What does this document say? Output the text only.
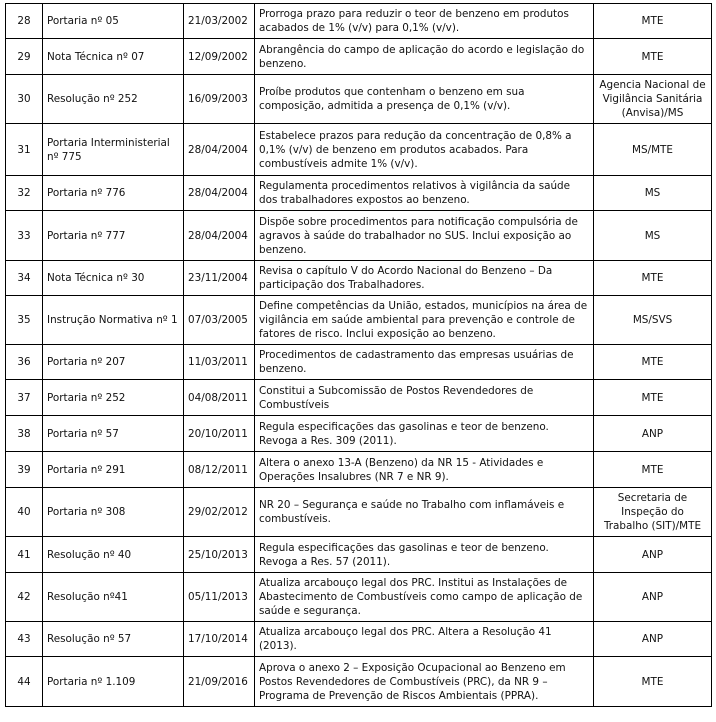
28	Portaria nº 05	21/03/2002	Prorroga prazo para reduzir o teor de benzeno em produtos acabados de 1% (v/v) para 0,1% (v/v).	MTE
29	Nota Técnica nº 07	12/09/2002	Abrangência do campo de aplicação do acordo e legislação do benzeno.	MTE
30	Resolução nº 252	16/09/2003	Proíbe produtos que contenham o benzeno em sua composição, admitida a presença de 0,1% (v/v).	Agencia Nacional de Vigilância Sanitária (Anvisa)/MS
31	Portaria Interministerial nº 775	28/04/2004	Estabelece prazos para redução da concentração de 0,8% a 0,1% (v/v) de benzeno em produtos acabados. Para combustíveis admite 1% (v/v).	MS/MTE
32	Portaria nº 776	28/04/2004	Regulamenta procedimentos relativos à vigilância da saúde dos trabalhadores expostos ao benzeno.	MS
33	Portaria nº 777	28/04/2004	Dispõe sobre procedimentos para notificação compulsória de agravos à saúde do trabalhador no SUS. Inclui exposição ao benzeno.	MS
34	Nota Técnica nº 30	23/11/2004	Revisa o capítulo V do Acordo Nacional do Benzeno – Da participação dos Trabalhadores.	MTE
35	Instrução Normativa nº 1	07/03/2005	Define competências da União, estados, municípios na área de vigilância em saúde ambiental para prevenção e controle de fatores de risco. Inclui exposição ao benzeno.	MS/SVS
36	Portaria nº 207	11/03/2011	Procedimentos de cadastramento das empresas usuárias de benzeno.	MTE
37	Portaria nº 252	04/08/2011	Constitui a Subcomissão de Postos Revendedores de Combustíveis	MTE
38	Portaria nº 57	20/10/2011	Regula especificações das gasolinas e teor de benzeno. Revoga a Res. 309 (2011).	ANP
39	Portaria nº 291	08/12/2011	Altera o anexo 13-A (Benzeno) da NR 15 - Atividades e Operações Insalubres (NR 7 e NR 9).	MTE
40	Portaria nº 308	29/02/2012	NR 20 – Segurança e saúde no Trabalho com inflamáveis e combustíveis.	Secretaria de Inspeção do Trabalho (SIT)/MTE
41	Resolução nº 40	25/10/2013	Regula especificações das gasolinas e teor de benzeno. Revoga a Res. 57 (2011).	ANP
42	Resolução nº41	05/11/2013	Atualiza arcabouço legal dos PRC. Institui as Instalações de Abastecimento de Combustíveis como campo de aplicação de saúde e segurança.	ANP
43	Resolução nº 57	17/10/2014	Atualiza arcabouço legal dos PRC. Altera a Resolução 41 (2013).	ANP
44	Portaria nº 1.109	21/09/2016	Aprova o anexo 2 – Exposição Ocupacional ao Benzeno em Postos Revendedores de Combustíveis (PRC), da NR 9 – Programa de Prevenção de Riscos Ambientais (PPRA).	MTE
